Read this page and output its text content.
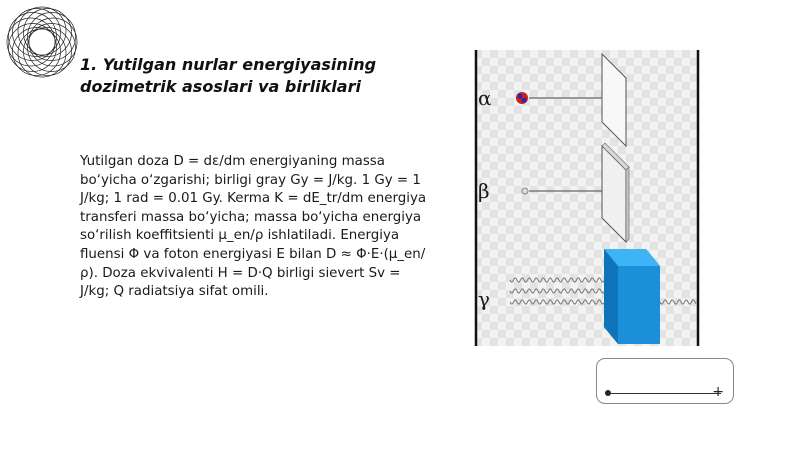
1. Yutilgan nurlar energiyasining dozimetrik asoslari va birliklari

Yutilgan doza D = dε/dm energiyaning massa bo‘yicha o‘zgarishi; birligi gray Gy = J/kg. 1 Gy = 1 J/kg; 1 rad = 0.01 Gy. Kerma K = dE_tr/dm energiya transferi massa bo‘yicha; massa bo‘yicha energiya so‘rilish koeffitsienti μ_en/ρ ishlatiladi. Energiya fluensi Φ va foton energiyasi E bilan D ≈ Φ·E·(μ_en/ρ). Doza ekvivalenti H = D·Q birligi sievert Sv = J/kg; Q radiatsiya sifat omili.

α
β
γ
+
